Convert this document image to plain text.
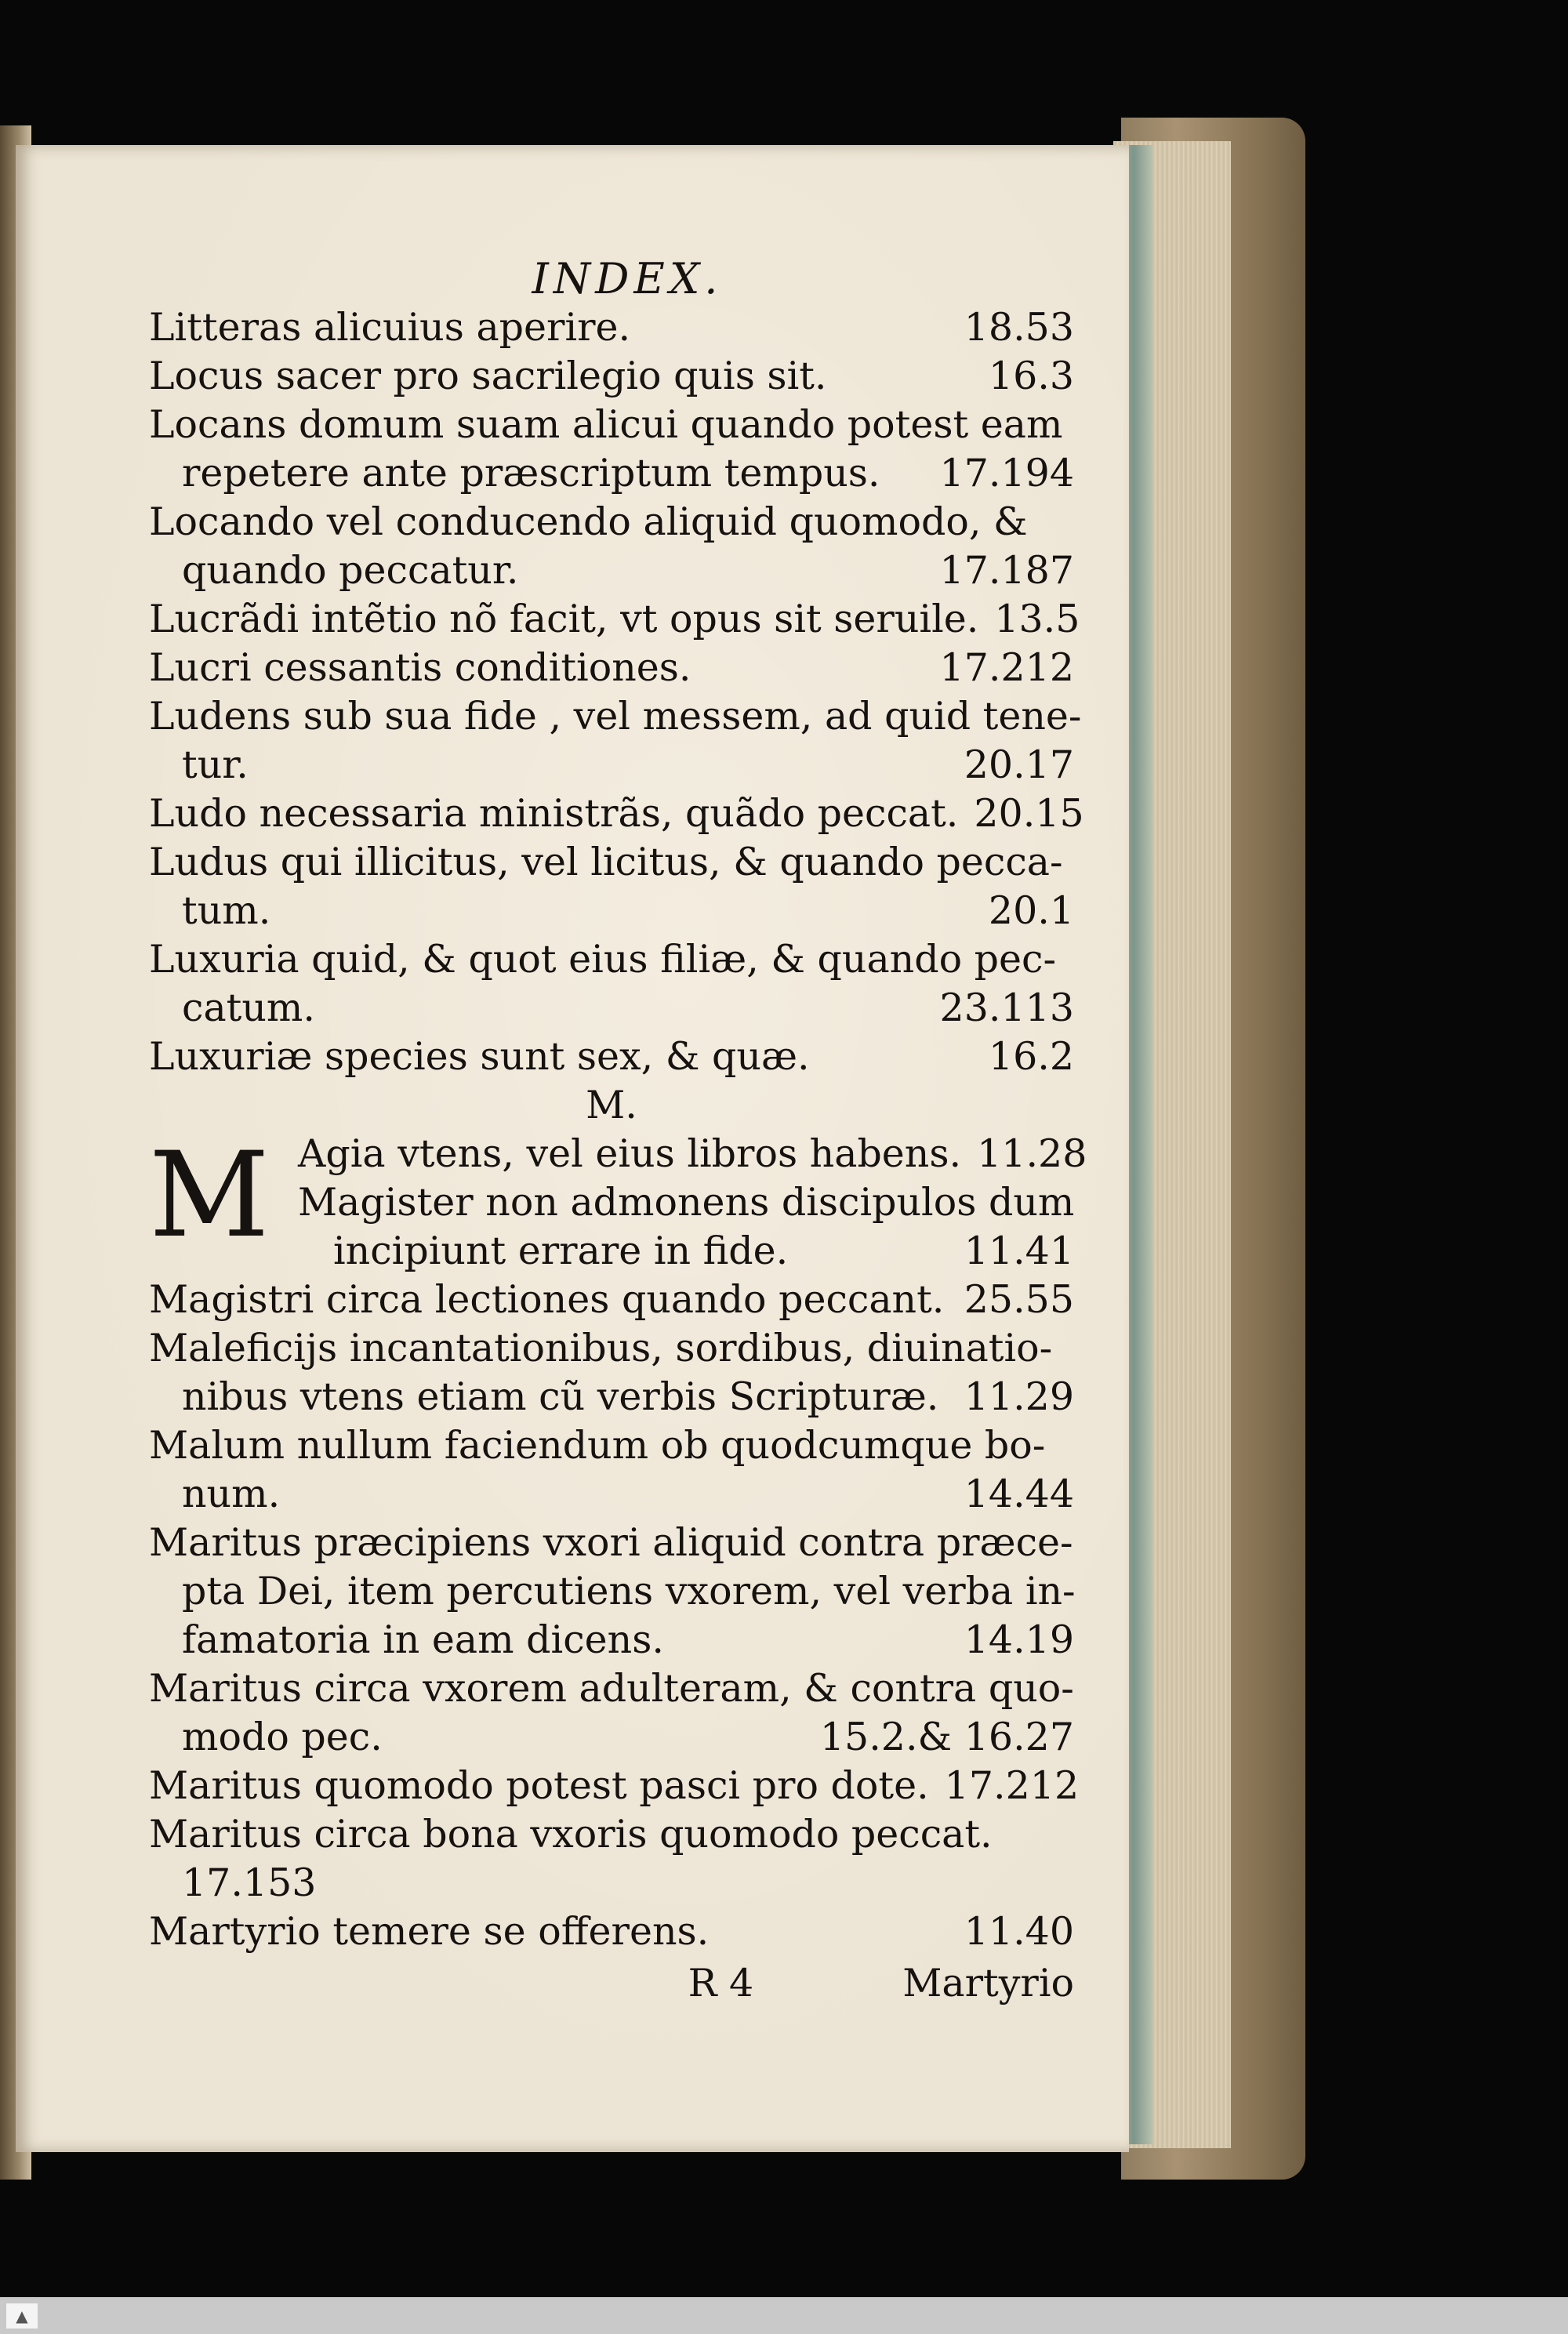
INDEX.
Litteras alicuius aperire.	18.53
Locus sacer pro sacrilegio quis sit.	16.3
Locans domum suam alicui quando potest eam
repetere ante præscriptum tempus.	17.194
Locando vel conducendo aliquid quomodo, &
quando peccatur.	17.187
Lucrãdi intẽtio nõ facit, vt opus sit seruile. 13.5
Lucri cessantis conditiones.	17.212
Ludens sub sua fide , vel messem, ad quid tene-
tur.	20.17
Ludo necessaria ministrãs, quãdo peccat. 20.15
Ludus qui illicitus, vel licitus, & quando pecca-
tum.	20.1
Luxuria quid, & quot eius filiæ, & quando pec-
catum.	23.113
Luxuriæ species sunt sex, & quæ.	16.2
M.
M Agia vtens, vel eius libros habens. 11.28
Magister non admonens discipulos dum
incipiunt errare in fide.	11.41
Magistri circa lectiones quando peccant. 25.55
Maleficijs incantationibus, sordibus, diuinatio-
nibus vtens etiam cũ verbis Scripturæ. 11.29
Malum nullum faciendum ob quodcumque bo-
num.	14.44
Maritus præcipiens vxori aliquid contra præce-
pta Dei, item percutiens vxorem, vel verba in-
famatoria in eam dicens.	14.19
Maritus circa vxorem adulteram, & contra quo-
modo pec.	15.2.& 16.27
Maritus quomodo potest pasci pro dote. 17.212
Maritus circa bona vxoris quomodo peccat.
17.153
Martyrio temere se offerens.	11.40
R 4	Martyrio
▲
